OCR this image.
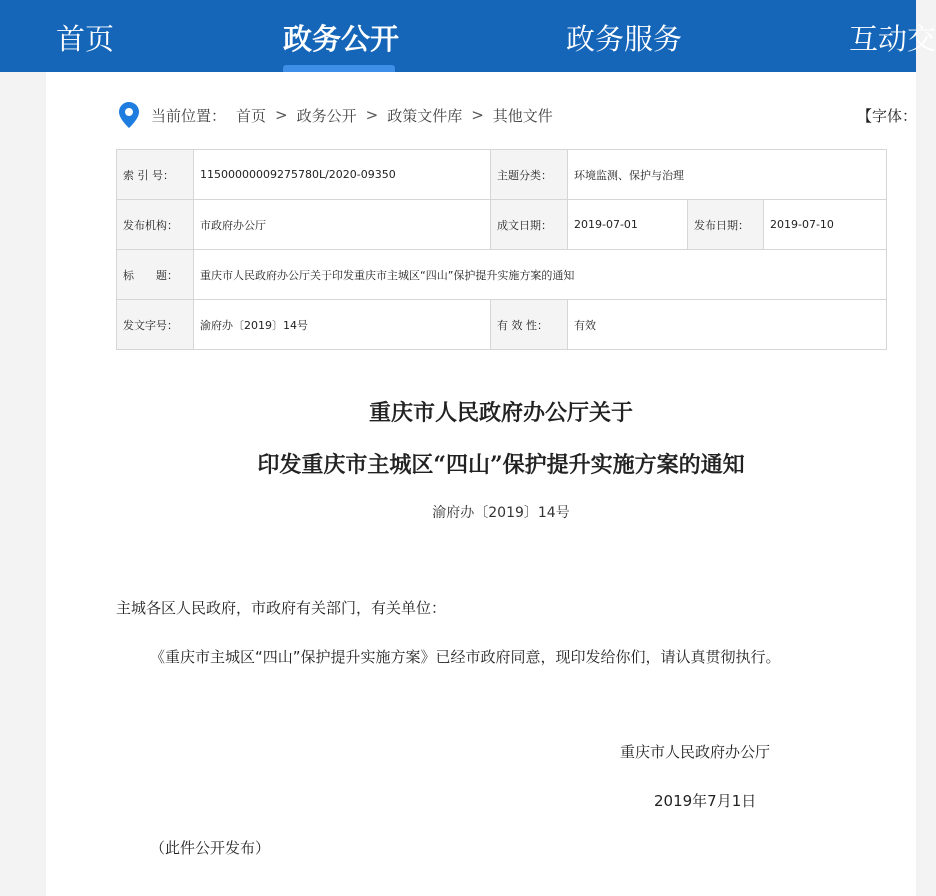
首页	政务公开	政务服务	互动交
当前位置： 首页 > 政务公开 > 政策文件库 > 其他文件	【字体：
索 引 号：	11500000009275780L/2020-09350	主题分类：	环境监测、保护与治理		
发布机构：	市政府办公厅	成文日期：	2019-07-01	发布日期：	2019-07-10
标　　题：	重庆市人民政府办公厅关于印发重庆市主城区“四山”保护提升实施方案的通知				
发文字号：	渝府办〔2019〕14号	有 效 性：	有效		
重庆市人民政府办公厅关于
印发重庆市主城区“四山”保护提升实施方案的通知
渝府办〔2019〕14号
主城各区人民政府，市政府有关部门，有关单位：
《重庆市主城区“四山”保护提升实施方案》已经市政府同意，现印发给你们，请认真贯彻执行。
重庆市人民政府办公厅
2019年7月1日
（此件公开发布）
